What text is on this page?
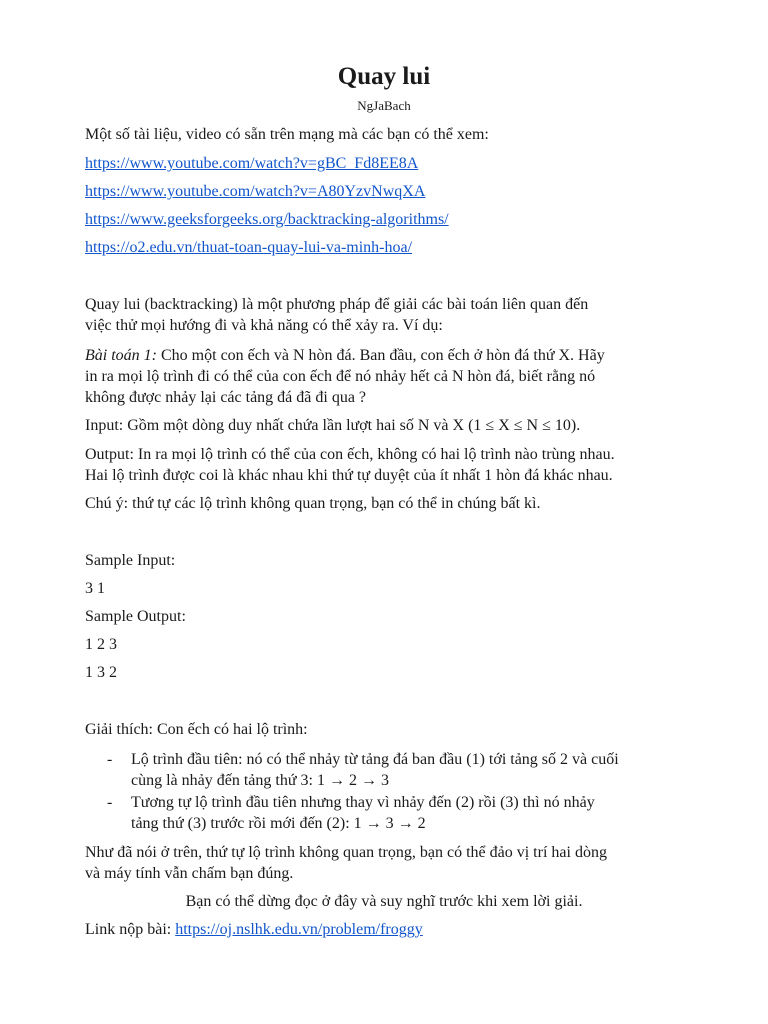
Quay lui
NgJaBach
Một số tài liệu, video có sẵn trên mạng mà các bạn có thể xem:
https://www.youtube.com/watch?v=gBC_Fd8EE8A
https://www.youtube.com/watch?v=A80YzvNwqXA
https://www.geeksforgeeks.org/backtracking-algorithms/
https://o2.edu.vn/thuat-toan-quay-lui-va-minh-hoa/
Quay lui (backtracking) là một phương pháp để giải các bài toán liên quan đến
việc thử mọi hướng đi và khả năng có thể xảy ra. Ví dụ:
Bài toán 1: Cho một con ếch và N hòn đá. Ban đầu, con ếch ở hòn đá thứ X. Hãy
in ra mọi lộ trình đi có thể của con ếch để nó nhảy hết cả N hòn đá, biết rằng nó
không được nhảy lại các tảng đá đã đi qua ?
Input: Gồm một dòng duy nhất chứa lần lượt hai số N và X (1 ≤ X ≤ N ≤ 10).
Output: In ra mọi lộ trình có thể của con ếch, không có hai lộ trình nào trùng nhau.
Hai lộ trình được coi là khác nhau khi thứ tự duyệt của ít nhất 1 hòn đá khác nhau.
Chú ý: thứ tự các lộ trình không quan trọng, bạn có thể in chúng bất kì.
Sample Input:
3 1
Sample Output:
1 2 3
1 3 2
Giải thích: Con ếch có hai lộ trình:
- Lộ trình đầu tiên: nó có thể nhảy từ tảng đá ban đầu (1) tới tảng số 2 và cuối
cùng là nhảy đến tảng thứ 3: 1 → 2 → 3
- Tương tự lộ trình đầu tiên nhưng thay vì nhảy đến (2) rồi (3) thì nó nhảy
tảng thứ (3) trước rồi mới đến (2): 1 → 3 → 2
Như đã nói ở trên, thứ tự lộ trình không quan trọng, bạn có thể đảo vị trí hai dòng
và máy tính vẫn chấm bạn đúng.
Bạn có thể dừng đọc ở đây và suy nghĩ trước khi xem lời giải.
Link nộp bài: https://oj.nslhk.edu.vn/problem/froggy
